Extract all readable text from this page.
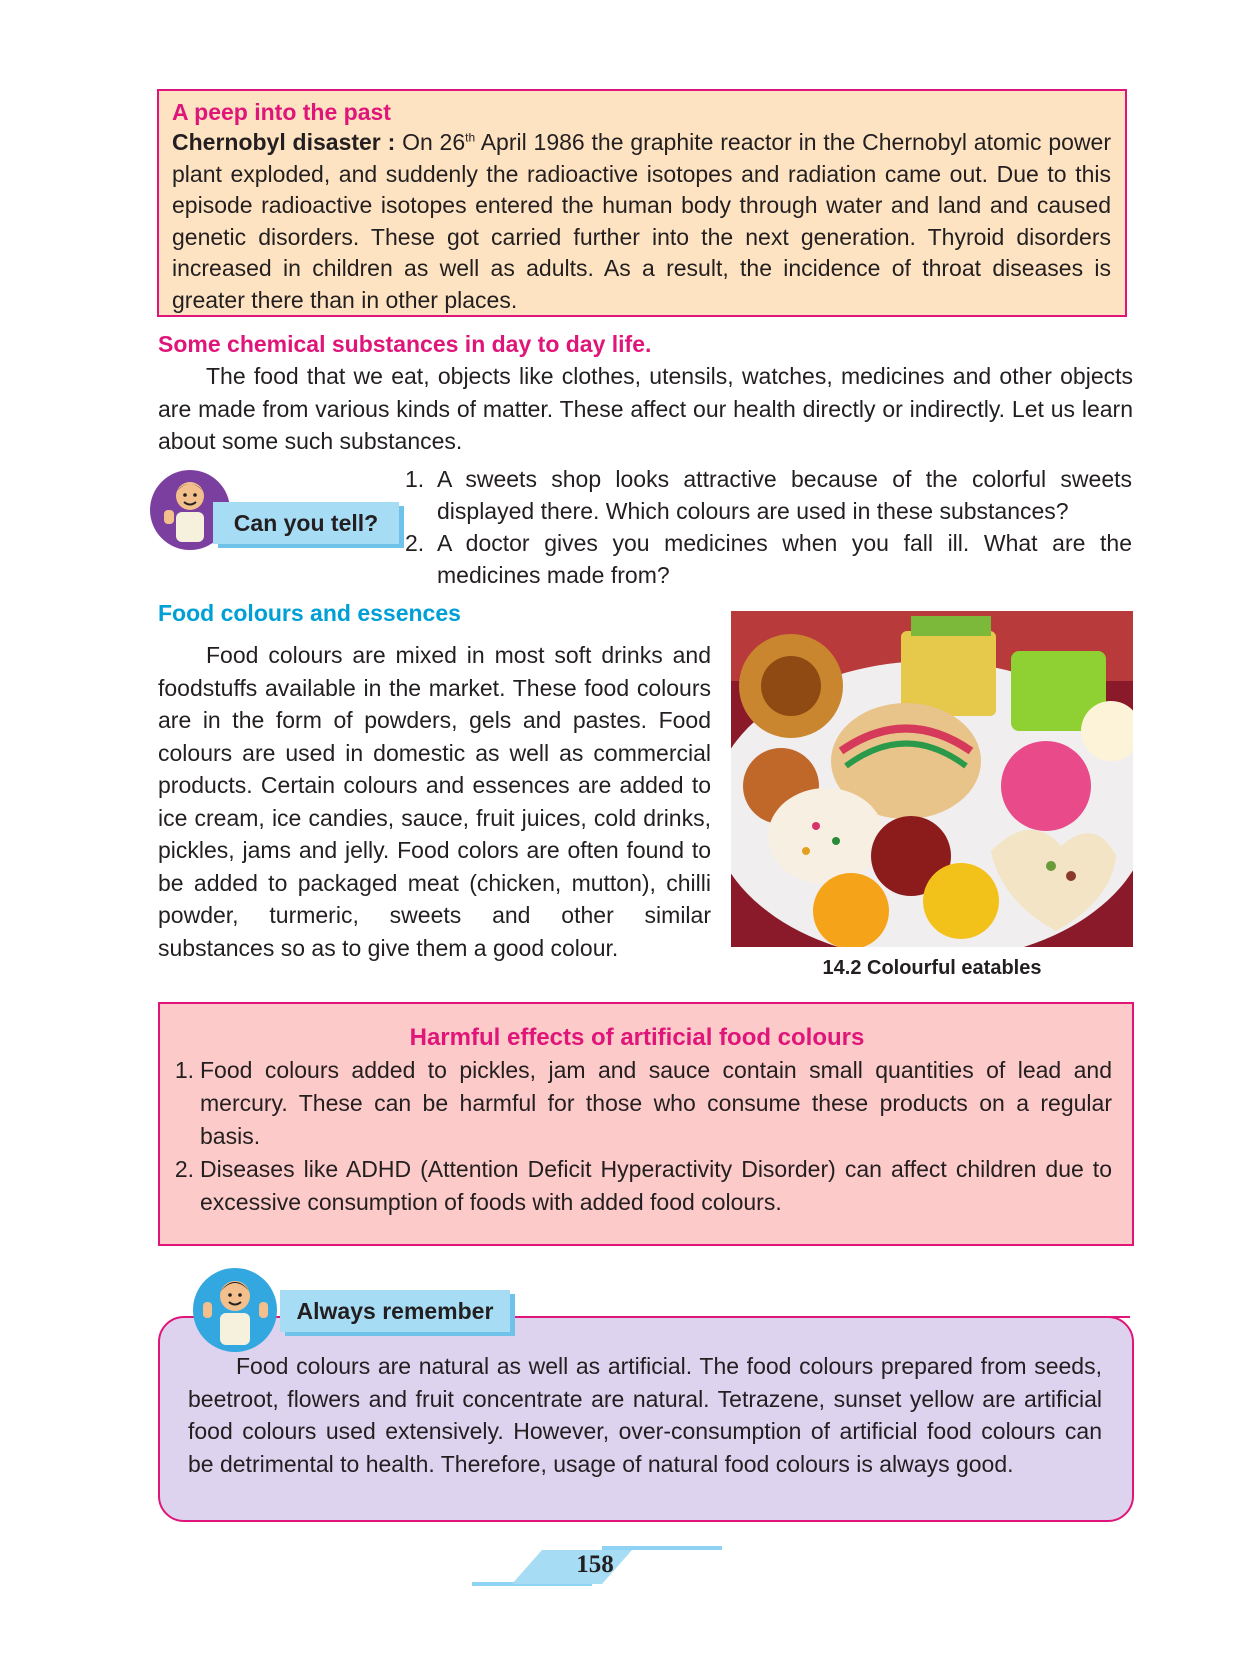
A peep into the past
Chernobyl disaster : On 26th April 1986 the graphite reactor in the Chernobyl atomic power plant exploded, and suddenly the radioactive isotopes and radiation came out. Due to this episode radioactive isotopes entered the human body through water and land and caused genetic disorders. These got carried further into the next generation. Thyroid disorders increased in children as well as adults. As a result, the incidence of throat diseases is greater there than in other places.
Some chemical substances in day to day life.
The food that we eat, objects like clothes, utensils, watches, medicines and other objects are made from various kinds of matter. These affect our health directly or indirectly. Let us learn about some such substances.
Can you tell?
1. A sweets shop looks attractive because of the colorful sweets displayed there. Which colours are used in these substances?
2. A doctor gives you medicines when you fall ill. What are the medicines made from?
Food colours and essences
Food colours are mixed in most soft drinks and foodstuffs available in the market. These food colours are in the form of powders, gels and pastes. Food colours are used in domestic as well as commercial products. Certain colours and essences are added to ice cream, ice candies, sauce, fruit juices, cold drinks, pickles, jams and jelly. Food colors are often found to be added to packaged meat (chicken, mutton), chilli powder, turmeric, sweets and other similar substances so as to give them a good colour.
14.2 Colourful eatables
Harmful effects of artificial food colours
1. Food colours added to pickles, jam and sauce contain small quantities of lead and mercury. These can be harmful for those who consume these products on a regular basis.
2. Diseases like ADHD (Attention Deficit Hyperactivity Disorder) can affect children due to excessive consumption of foods with added food colours.
Food colours are natural as well as artificial. The food colours prepared from seeds, beetroot, flowers and fruit concentrate are natural. Tetrazene, sunset yellow are artificial food colours used extensively. However, over-consumption of artificial food colours can be detrimental to health. Therefore, usage of natural food colours is always good.
Always remember
158
